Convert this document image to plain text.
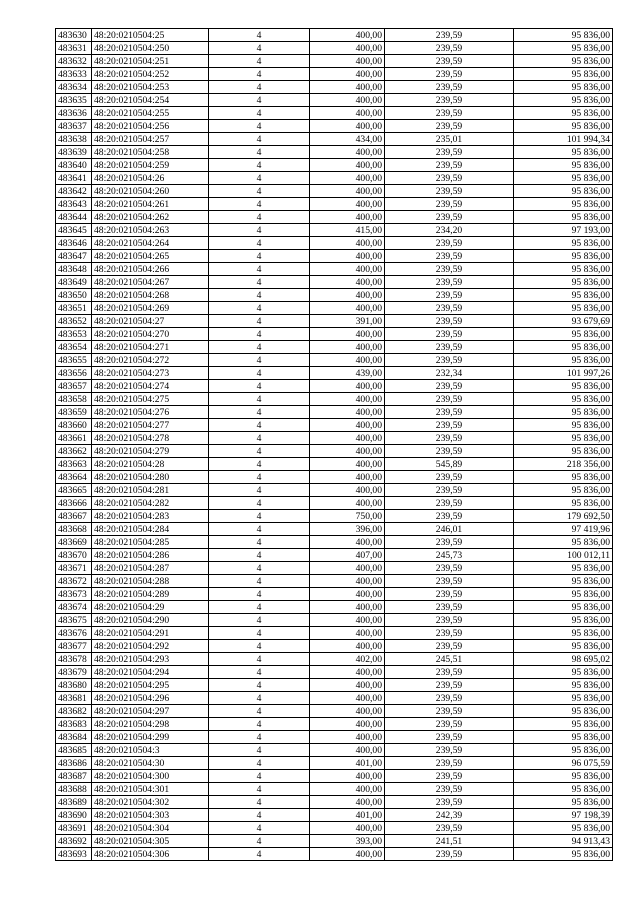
483630	48:20:0210504:25	4	400,00	239,59	95 836,00
483631	48:20:0210504:250	4	400,00	239,59	95 836,00
483632	48:20:0210504:251	4	400,00	239,59	95 836,00
483633	48:20:0210504:252	4	400,00	239,59	95 836,00
483634	48:20:0210504:253	4	400,00	239,59	95 836,00
483635	48:20:0210504:254	4	400,00	239,59	95 836,00
483636	48:20:0210504:255	4	400,00	239,59	95 836,00
483637	48:20:0210504:256	4	400,00	239,59	95 836,00
483638	48:20:0210504:257	4	434,00	235,01	101 994,34
483639	48:20:0210504:258	4	400,00	239,59	95 836,00
483640	48:20:0210504:259	4	400,00	239,59	95 836,00
483641	48:20:0210504:26	4	400,00	239,59	95 836,00
483642	48:20:0210504:260	4	400,00	239,59	95 836,00
483643	48:20:0210504:261	4	400,00	239,59	95 836,00
483644	48:20:0210504:262	4	400,00	239,59	95 836,00
483645	48:20:0210504:263	4	415,00	234,20	97 193,00
483646	48:20:0210504:264	4	400,00	239,59	95 836,00
483647	48:20:0210504:265	4	400,00	239,59	95 836,00
483648	48:20:0210504:266	4	400,00	239,59	95 836,00
483649	48:20:0210504:267	4	400,00	239,59	95 836,00
483650	48:20:0210504:268	4	400,00	239,59	95 836,00
483651	48:20:0210504:269	4	400,00	239,59	95 836,00
483652	48:20:0210504:27	4	391,00	239,59	93 679,69
483653	48:20:0210504:270	4	400,00	239,59	95 836,00
483654	48:20:0210504:271	4	400,00	239,59	95 836,00
483655	48:20:0210504:272	4	400,00	239,59	95 836,00
483656	48:20:0210504:273	4	439,00	232,34	101 997,26
483657	48:20:0210504:274	4	400,00	239,59	95 836,00
483658	48:20:0210504:275	4	400,00	239,59	95 836,00
483659	48:20:0210504:276	4	400,00	239,59	95 836,00
483660	48:20:0210504:277	4	400,00	239,59	95 836,00
483661	48:20:0210504:278	4	400,00	239,59	95 836,00
483662	48:20:0210504:279	4	400,00	239,59	95 836,00
483663	48:20:0210504:28	4	400,00	545,89	218 356,00
483664	48:20:0210504:280	4	400,00	239,59	95 836,00
483665	48:20:0210504:281	4	400,00	239,59	95 836,00
483666	48:20:0210504:282	4	400,00	239,59	95 836,00
483667	48:20:0210504:283	4	750,00	239,59	179 692,50
483668	48:20:0210504:284	4	396,00	246,01	97 419,96
483669	48:20:0210504:285	4	400,00	239,59	95 836,00
483670	48:20:0210504:286	4	407,00	245,73	100 012,11
483671	48:20:0210504:287	4	400,00	239,59	95 836,00
483672	48:20:0210504:288	4	400,00	239,59	95 836,00
483673	48:20:0210504:289	4	400,00	239,59	95 836,00
483674	48:20:0210504:29	4	400,00	239,59	95 836,00
483675	48:20:0210504:290	4	400,00	239,59	95 836,00
483676	48:20:0210504:291	4	400,00	239,59	95 836,00
483677	48:20:0210504:292	4	400,00	239,59	95 836,00
483678	48:20:0210504:293	4	402,00	245,51	98 695,02
483679	48:20:0210504:294	4	400,00	239,59	95 836,00
483680	48:20:0210504:295	4	400,00	239,59	95 836,00
483681	48:20:0210504:296	4	400,00	239,59	95 836,00
483682	48:20:0210504:297	4	400,00	239,59	95 836,00
483683	48:20:0210504:298	4	400,00	239,59	95 836,00
483684	48:20:0210504:299	4	400,00	239,59	95 836,00
483685	48:20:0210504:3	4	400,00	239,59	95 836,00
483686	48:20:0210504:30	4	401,00	239,59	96 075,59
483687	48:20:0210504:300	4	400,00	239,59	95 836,00
483688	48:20:0210504:301	4	400,00	239,59	95 836,00
483689	48:20:0210504:302	4	400,00	239,59	95 836,00
483690	48:20:0210504:303	4	401,00	242,39	97 198,39
483691	48:20:0210504:304	4	400,00	239,59	95 836,00
483692	48:20:0210504:305	4	393,00	241,51	94 913,43
483693	48:20:0210504:306	4	400,00	239,59	95 836,00
